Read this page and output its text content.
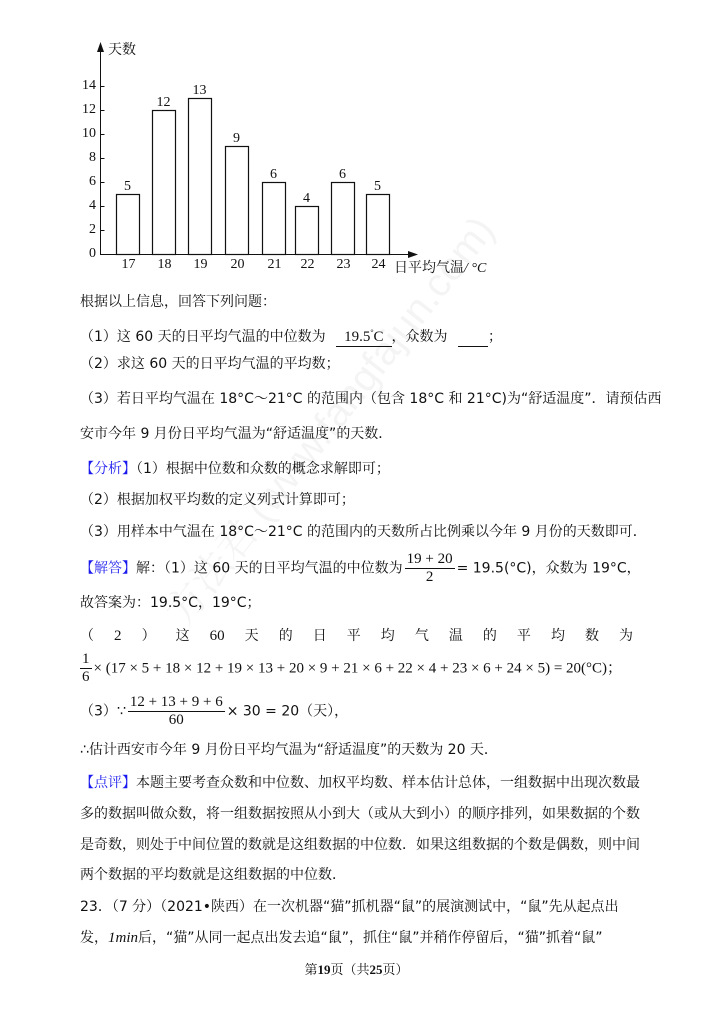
天数
日平均气温/ °C
0
2
4
6
8
10
12
14
5
17
12
18
13
19
9
20
6
21
4
22
6
23
5
24
根据以上信息，回答下列问题：
（1）这 60 天的日平均气温的中位数为 19.5°C ，众数为	；
（2）求这 60 天的日平均气温的平均数；
（3）若日平均气温在 18°C～21°C 的范围内（包含 18°C 和 21°C)为“舒适温度”．请预估西
安市今年 9 月份日平均气温为“舒适温度”的天数．
【分析】（1）根据中位数和众数的概念求解即可；
（2）根据加权平均数的定义列式计算即可；
（3）用样本中气温在 18°C～21°C 的范围内的天数所占比例乘以今年 9 月份的天数即可．
【解答】解：（1）这 60 天的日平均气温的中位数为 $\frac{19 + 20}{2} = 19.5(^\circ C)$，众数为 19°C，
故答案为：19.5°C，19°C；
（ 2 ） 这 60 天 的 日 平 均 气 温 的 平 均 数 为
$\frac{1}{6} \times (17 \times 5 + 18 \times 12 + 19 \times 13 + 20 \times 9 + 21 \times 6 + 22 \times 4 + 23 \times 6 + 24 \times 5) = 20(^\circ C)$；
（3）∵ $\frac{12 + 13 + 9 + 6}{60} \times 30 = 20$（天），
∴估计西安市今年 9 月份日平均气温为“舒适温度”的天数为 20 天．
【点评】本题主要考查众数和中位数、加权平均数、样本估计总体，一组数据中出现次数最
多的数据叫做众数，将一组数据按照从小到大（或从大到小）的顺序排列，如果数据的个数
是奇数，则处于中间位置的数就是这组数据的中位数．如果这组数据的个数是偶数，则中间
两个数据的平均数就是这组数据的中位数．
23．（7 分）（2021•陕西）在一次机器“猫”抓机器“鼠”的展演测试中，“鼠”先从起点出
发，1min后，“猫”从同一起点出发去追“鼠”，抓住“鼠”并稍作停留后，“猫”抓着“鼠”
第19页（共25页）
